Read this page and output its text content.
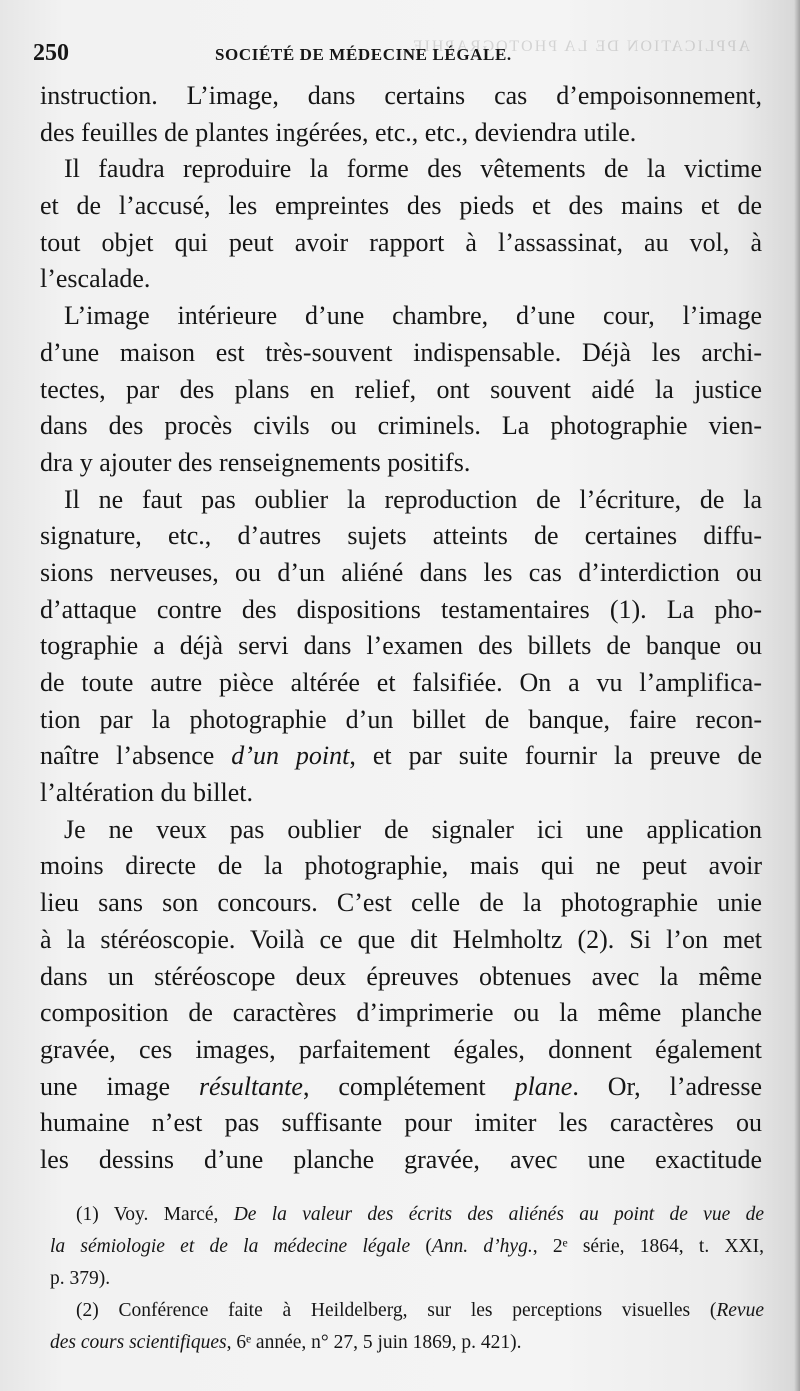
APPLICATION DE LA PHOTOGRAPHIE.
250	SOCIÉTÉ DE MÉDECINE LÉGALE.
instruction. L’image, dans certains cas d’empoisonnement,
des feuilles de plantes ingérées, etc., etc., deviendra utile.
Il faudra reproduire la forme des vêtements de la victime
et de l’accusé, les empreintes des pieds et des mains et de
tout objet qui peut avoir rapport à l’assassinat, au vol, à
l’escalade.
L’image intérieure d’une chambre, d’une cour, l’image
d’une maison est très-souvent indispensable. Déjà les archi-
tectes, par des plans en relief, ont souvent aidé la justice
dans des procès civils ou criminels. La photographie vien-
dra y ajouter des renseignements positifs.
Il ne faut pas oublier la reproduction de l’écriture, de la
signature, etc., d’autres sujets atteints de certaines diffu-
sions nerveuses, ou d’un aliéné dans les cas d’interdiction ou
d’attaque contre des dispositions testamentaires (1). La pho-
tographie a déjà servi dans l’examen des billets de banque ou
de toute autre pièce altérée et falsifiée. On a vu l’amplifica-
tion par la photographie d’un billet de banque, faire recon-
naître l’absence d’un point, et par suite fournir la preuve de
l’altération du billet.
Je ne veux pas oublier de signaler ici une application
moins directe de la photographie, mais qui ne peut avoir
lieu sans son concours. C’est celle de la photographie unie
à la stéréoscopie. Voilà ce que dit Helmholtz (2). Si l’on met
dans un stéréoscope deux épreuves obtenues avec la même
composition de caractères d’imprimerie ou la même planche
gravée, ces images, parfaitement égales, donnent également
une image résultante, complétement plane. Or, l’adresse
humaine n’est pas suffisante pour imiter les caractères ou
les dessins d’une planche gravée, avec une exactitude
(1) Voy. Marcé, De la valeur des écrits des aliénés au point de vue de
la sémiologie et de la médecine légale (Ann. d’hyg., 2ᵉ série, 1864, t. XXI,
p. 379).
(2) Conférence faite à Heildelberg, sur les perceptions visuelles (Revue
des cours scientifiques, 6ᵉ année, n° 27, 5 juin 1869, p. 421).
